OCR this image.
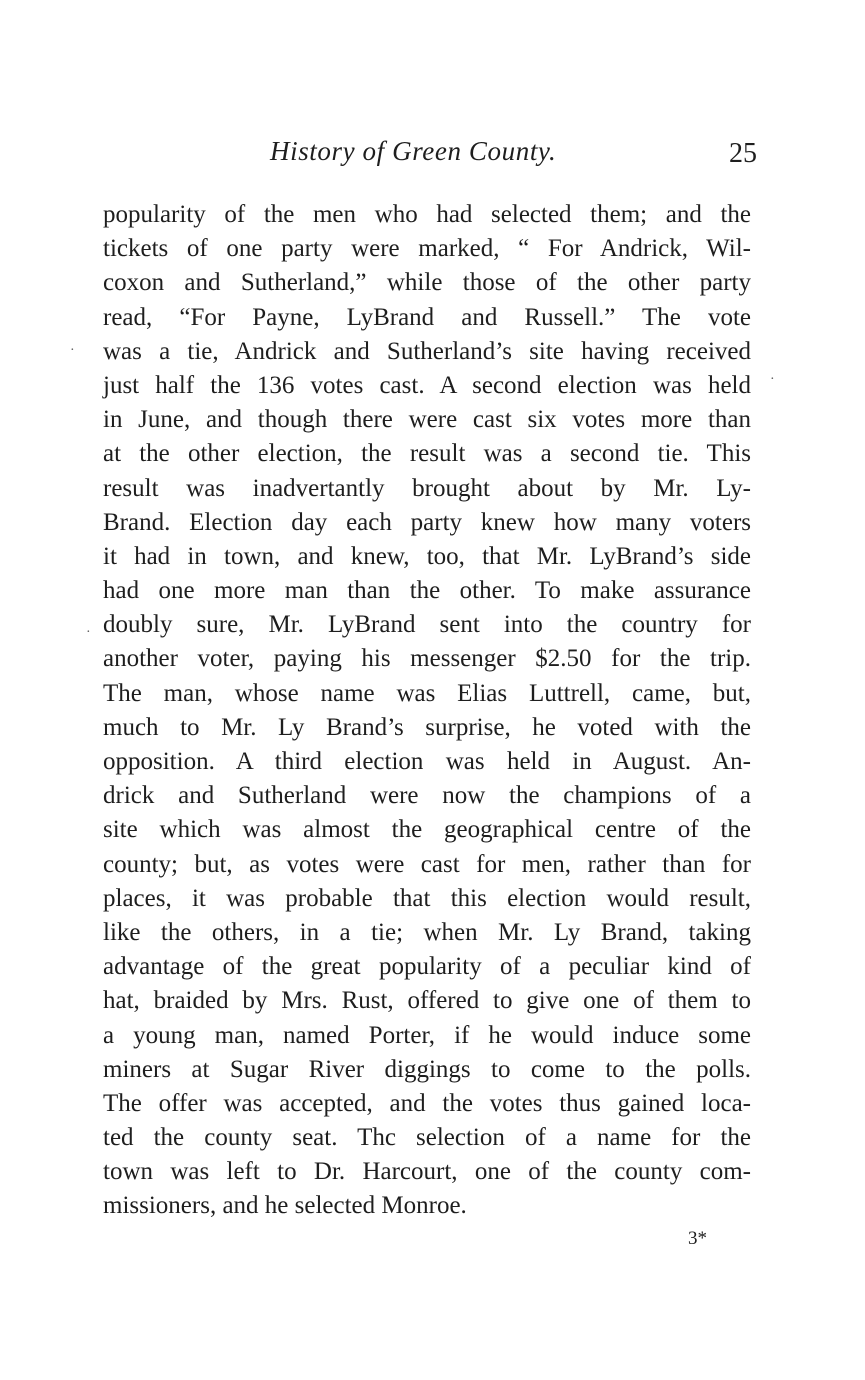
History of Green County.	25
popularity of the men who had selected them; and the
tickets of one party were marked, “ For Andrick, Wil-
coxon and Sutherland,” while those of the other party
read, “For Payne, LyBrand and Russell.” The vote
was a tie, Andrick and Sutherland’s site having received
just half the 136 votes cast. A second election was held
in June, and though there were cast six votes more than
at the other election, the result was a second tie. This
result was inadvertantly brought about by Mr. Ly-
Brand. Election day each party knew how many voters
it had in town, and knew, too, that Mr. LyBrand’s side
had one more man than the other. To make assurance
doubly sure, Mr. LyBrand sent into the country for
another voter, paying his messenger $2.50 for the trip.
The man, whose name was Elias Luttrell, came, but,
much to Mr. Ly Brand’s surprise, he voted with the
opposition. A third election was held in August. An-
drick and Sutherland were now the champions of a
site which was almost the geographical centre of the
county; but, as votes were cast for men, rather than for
places, it was probable that this election would result,
like the others, in a tie; when Mr. Ly Brand, taking
advantage of the great popularity of a peculiar kind of
hat, braided by Mrs. Rust, offered to give one of them to
a young man, named Porter, if he would induce some
miners at Sugar River diggings to come to the polls.
The offer was accepted, and the votes thus gained loca-
ted the county seat. Thc selection of a name for the
town was left to Dr. Harcourt, one of the county com-
missioners, and he selected Monroe.
3*
·
·
·
